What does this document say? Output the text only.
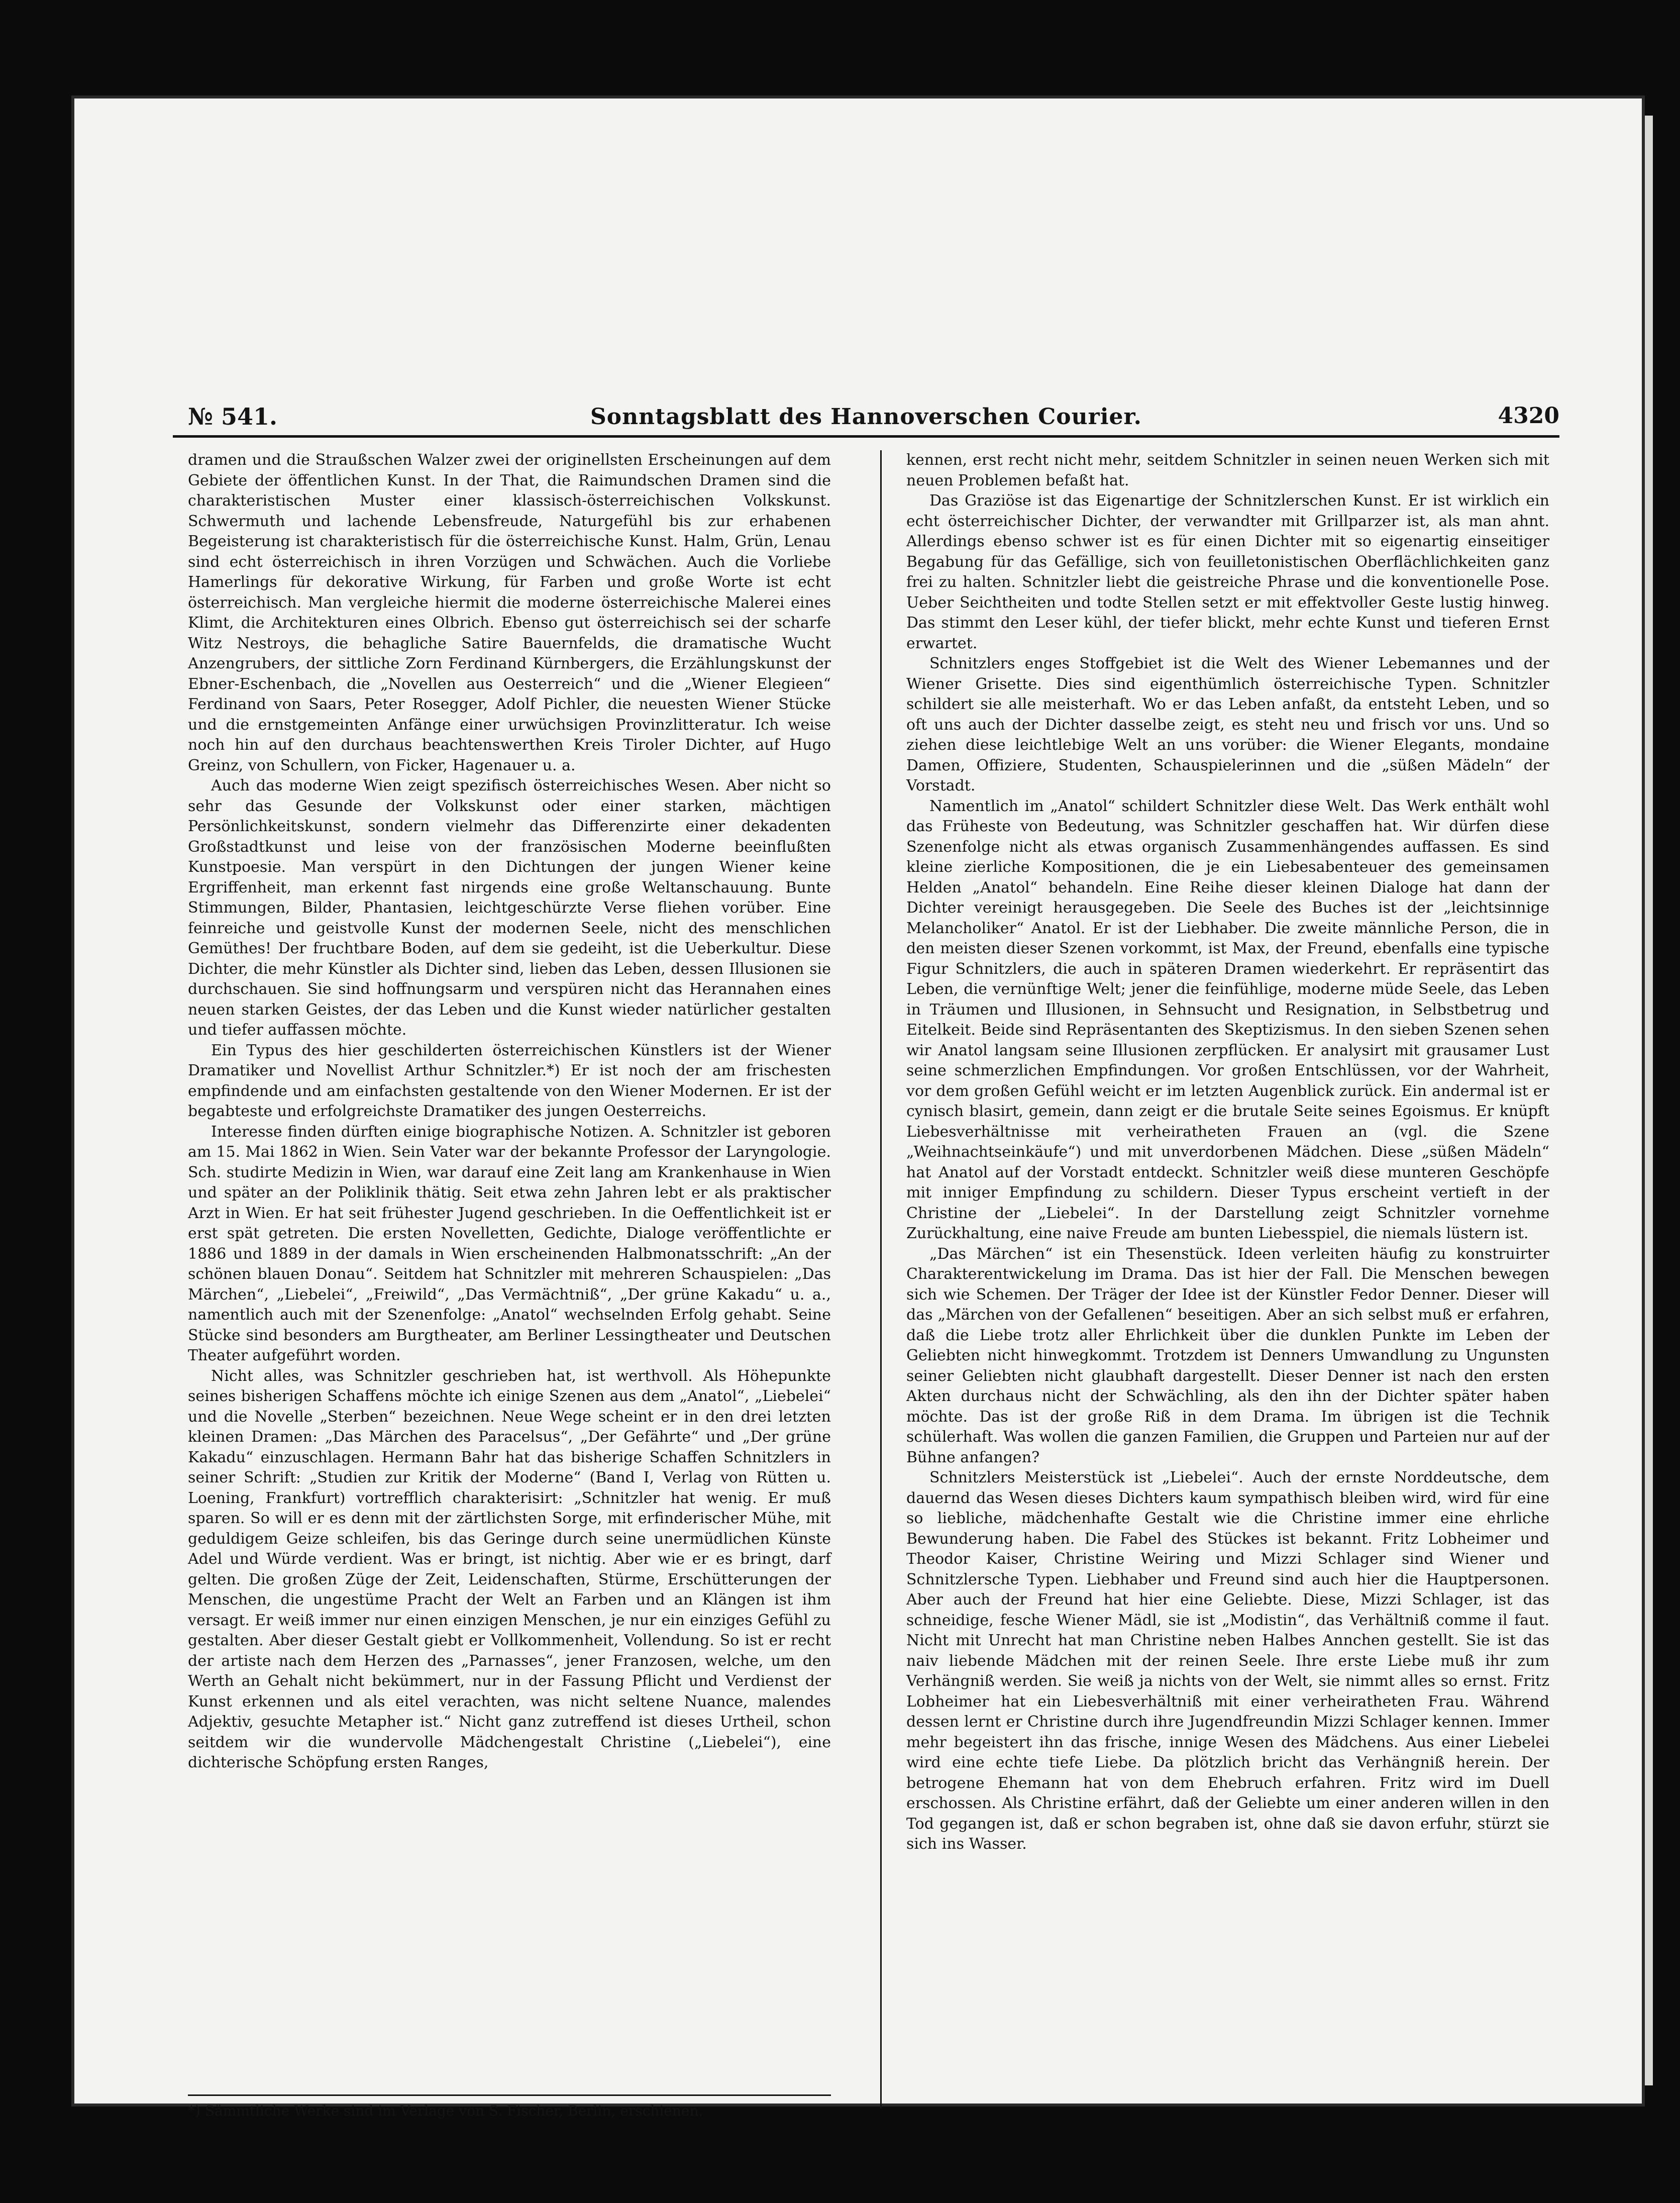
№ 541.	Sonntagsblatt des Hannoverschen Courier.	4320

dramen und die Straußschen Walzer zwei der originellsten Erscheinungen auf dem Gebiete der öffentlichen Kunst. In der That, die Raimundschen Dramen sind die charakteristischen Muster einer klassisch-österreichischen Volkskunst. Schwermuth und lachende Lebensfreude, Naturgefühl bis zur erhabenen Begeisterung ist charakteristisch für die österreichische Kunst. Halm, Grün, Lenau sind echt österreichisch in ihren Vorzügen und Schwächen. Auch die Vorliebe Hamerlings für dekorative Wirkung, für Farben und große Worte ist echt österreichisch. Man vergleiche hiermit die moderne österreichische Malerei eines Klimt, die Architekturen eines Olbrich. Ebenso gut österreichisch sei der scharfe Witz Nestroys, die behagliche Satire Bauernfelds, die dramatische Wucht Anzengrubers, der sittliche Zorn Ferdinand Kürnbergers, die Erzählungskunst der Ebner-Eschenbach, die „Novellen aus Oesterreich“ und die „Wiener Elegieen“ Ferdinand von Saars, Peter Rosegger, Adolf Pichler, die neuesten Wiener Stücke und die ernstgemeinten Anfänge einer urwüchsigen Provinzlitteratur. Ich weise noch hin auf den durchaus beachtenswerthen Kreis Tiroler Dichter, auf Hugo Greinz, von Schullern, von Ficker, Hagenauer u. a.

Auch das moderne Wien zeigt spezifisch österreichisches Wesen. Aber nicht so sehr das Gesunde der Volkskunst oder einer starken, mächtigen Persönlichkeitskunst, sondern vielmehr das Differenzirte einer dekadenten Großstadtkunst und leise von der französischen Moderne beeinflußten Kunstpoesie. Man verspürt in den Dichtungen der jungen Wiener keine Ergriffenheit, man erkennt fast nirgends eine große Weltanschauung. Bunte Stimmungen, Bilder, Phantasien, leichtgeschürzte Verse fliehen vorüber. Eine feinreiche und geistvolle Kunst der modernen Seele, nicht des menschlichen Gemüthes! Der fruchtbare Boden, auf dem sie gedeiht, ist die Ueberkultur. Diese Dichter, die mehr Künstler als Dichter sind, lieben das Leben, dessen Illusionen sie durchschauen. Sie sind hoffnungsarm und verspüren nicht das Herannahen eines neuen starken Geistes, der das Leben und die Kunst wieder natürlicher gestalten und tiefer auffassen möchte.

Ein Typus des hier geschilderten österreichischen Künstlers ist der Wiener Dramatiker und Novellist Arthur Schnitzler.*) Er ist noch der am frischesten empfindende und am einfachsten gestaltende von den Wiener Modernen. Er ist der begabteste und erfolgreichste Dramatiker des jungen Oesterreichs.

Interesse finden dürften einige biographische Notizen. A. Schnitzler ist geboren am 15. Mai 1862 in Wien. Sein Vater war der bekannte Professor der Laryngologie. Sch. studirte Medizin in Wien, war darauf eine Zeit lang am Krankenhause in Wien und später an der Poliklinik thätig. Seit etwa zehn Jahren lebt er als praktischer Arzt in Wien. Er hat seit frühester Jugend geschrieben. In die Oeffentlichkeit ist er erst spät getreten. Die ersten Novelletten, Gedichte, Dialoge veröffentlichte er 1886 und 1889 in der damals in Wien erscheinenden Halbmonatsschrift: „An der schönen blauen Donau“. Seitdem hat Schnitzler mit mehreren Schauspielen: „Das Märchen“, „Liebelei“, „Freiwild“, „Das Vermächtniß“, „Der grüne Kakadu“ u. a., namentlich auch mit der Szenenfolge: „Anatol“ wechselnden Erfolg gehabt. Seine Stücke sind besonders am Burgtheater, am Berliner Lessingtheater und Deutschen Theater aufgeführt worden.

Nicht alles, was Schnitzler geschrieben hat, ist werthvoll. Als Höhepunkte seines bisherigen Schaffens möchte ich einige Szenen aus dem „Anatol“, „Liebelei“ und die Novelle „Sterben“ bezeichnen. Neue Wege scheint er in den drei letzten kleinen Dramen: „Das Märchen des Paracelsus“, „Der Gefährte“ und „Der grüne Kakadu“ einzuschlagen. Hermann Bahr hat das bisherige Schaffen Schnitzlers in seiner Schrift: „Studien zur Kritik der Moderne“ (Band I, Verlag von Rütten u. Loening, Frankfurt) vortrefflich charakterisirt: „Schnitzler hat wenig. Er muß sparen. So will er es denn mit der zärtlichsten Sorge, mit erfinderischer Mühe, mit geduldigem Geize schleifen, bis das Geringe durch seine unermüdlichen Künste Adel und Würde verdient. Was er bringt, ist nichtig. Aber wie er es bringt, darf gelten. Die großen Züge der Zeit, Leidenschaften, Stürme, Erschütterungen der Menschen, die ungestüme Pracht der Welt an Farben und an Klängen ist ihm versagt. Er weiß immer nur einen einzigen Menschen, je nur ein einziges Gefühl zu gestalten. Aber dieser Gestalt giebt er Vollkommenheit, Vollendung. So ist er recht der artiste nach dem Herzen des „Parnasses“, jener Franzosen, welche, um den Werth an Gehalt nicht bekümmert, nur in der Fassung Pflicht und Verdienst der Kunst erkennen und als eitel verachten, was nicht seltene Nuance, malendes Adjektiv, gesuchte Metapher ist.“ Nicht ganz zutreffend ist dieses Urtheil, schon seitdem wir die wundervolle Mädchengestalt Christine („Liebelei“), eine dichterische Schöpfung ersten Ranges,

kennen, erst recht nicht mehr, seitdem Schnitzler in seinen neuen Werken sich mit neuen Problemen befaßt hat.

Das Graziöse ist das Eigenartige der Schnitzlerschen Kunst. Er ist wirklich ein echt österreichischer Dichter, der verwandter mit Grillparzer ist, als man ahnt. Allerdings ebenso schwer ist es für einen Dichter mit so eigenartig einseitiger Begabung für das Gefällige, sich von feuilletonistischen Oberflächlichkeiten ganz frei zu halten. Schnitzler liebt die geistreiche Phrase und die konventionelle Pose. Ueber Seichtheiten und todte Stellen setzt er mit effektvoller Geste lustig hinweg. Das stimmt den Leser kühl, der tiefer blickt, mehr echte Kunst und tieferen Ernst erwartet.

Schnitzlers enges Stoffgebiet ist die Welt des Wiener Lebemannes und der Wiener Grisette. Dies sind eigenthümlich österreichische Typen. Schnitzler schildert sie alle meisterhaft. Wo er das Leben anfaßt, da entsteht Leben, und so oft uns auch der Dichter dasselbe zeigt, es steht neu und frisch vor uns. Und so ziehen diese leichtlebige Welt an uns vorüber: die Wiener Elegants, mondaine Damen, Offiziere, Studenten, Schauspielerinnen und die „süßen Mädeln“ der Vorstadt.

Namentlich im „Anatol“ schildert Schnitzler diese Welt. Das Werk enthält wohl das Früheste von Bedeutung, was Schnitzler geschaffen hat. Wir dürfen diese Szenenfolge nicht als etwas organisch Zusammenhängendes auffassen. Es sind kleine zierliche Kompositionen, die je ein Liebesabenteuer des gemeinsamen Helden „Anatol“ behandeln. Eine Reihe dieser kleinen Dialoge hat dann der Dichter vereinigt herausgegeben. Die Seele des Buches ist der „leichtsinnige Melancholiker“ Anatol. Er ist der Liebhaber. Die zweite männliche Person, die in den meisten dieser Szenen vorkommt, ist Max, der Freund, ebenfalls eine typische Figur Schnitzlers, die auch in späteren Dramen wiederkehrt. Er repräsentirt das Leben, die vernünftige Welt; jener die feinfühlige, moderne müde Seele, das Leben in Träumen und Illusionen, in Sehnsucht und Resignation, in Selbstbetrug und Eitelkeit. Beide sind Repräsentanten des Skeptizismus. In den sieben Szenen sehen wir Anatol langsam seine Illusionen zerpflücken. Er analysirt mit grausamer Lust seine schmerzlichen Empfindungen. Vor großen Entschlüssen, vor der Wahrheit, vor dem großen Gefühl weicht er im letzten Augenblick zurück. Ein andermal ist er cynisch blasirt, gemein, dann zeigt er die brutale Seite seines Egoismus. Er knüpft Liebesverhältnisse mit verheiratheten Frauen an (vgl. die Szene „Weihnachtseinkäufe“) und mit unverdorbenen Mädchen. Diese „süßen Mädeln“ hat Anatol auf der Vorstadt entdeckt. Schnitzler weiß diese munteren Geschöpfe mit inniger Empfindung zu schildern. Dieser Typus erscheint vertieft in der Christine der „Liebelei“. In der Darstellung zeigt Schnitzler vornehme Zurückhaltung, eine naive Freude am bunten Liebesspiel, die niemals lüstern ist.

„Das Märchen“ ist ein Thesenstück. Ideen verleiten häufig zu konstruirter Charakterentwickelung im Drama. Das ist hier der Fall. Die Menschen bewegen sich wie Schemen. Der Träger der Idee ist der Künstler Fedor Denner. Dieser will das „Märchen von der Gefallenen“ beseitigen. Aber an sich selbst muß er erfahren, daß die Liebe trotz aller Ehrlichkeit über die dunklen Punkte im Leben der Geliebten nicht hinwegkommt. Trotzdem ist Denners Umwandlung zu Ungunsten seiner Geliebten nicht glaubhaft dargestellt. Dieser Denner ist nach den ersten Akten durchaus nicht der Schwächling, als den ihn der Dichter später haben möchte. Das ist der große Riß in dem Drama. Im übrigen ist die Technik schülerhaft. Was wollen die ganzen Familien, die Gruppen und Parteien nur auf der Bühne anfangen?

Schnitzlers Meisterstück ist „Liebelei“. Auch der ernste Norddeutsche, dem dauernd das Wesen dieses Dichters kaum sympathisch bleiben wird, wird für eine so liebliche, mädchenhafte Gestalt wie die Christine immer eine ehrliche Bewunderung haben. Die Fabel des Stückes ist bekannt. Fritz Lobheimer und Theodor Kaiser, Christine Weiring und Mizzi Schlager sind Wiener und Schnitzlersche Typen. Liebhaber und Freund sind auch hier die Hauptpersonen. Aber auch der Freund hat hier eine Geliebte. Diese, Mizzi Schlager, ist das schneidige, fesche Wiener Mädl, sie ist „Modistin“, das Verhältniß comme il faut. Nicht mit Unrecht hat man Christine neben Halbes Annchen gestellt. Sie ist das naiv liebende Mädchen mit der reinen Seele. Ihre erste Liebe muß ihr zum Verhängniß werden. Sie weiß ja nichts von der Welt, sie nimmt alles so ernst. Fritz Lobheimer hat ein Liebesverhältniß mit einer verheiratheten Frau. Während dessen lernt er Christine durch ihre Jugendfreundin Mizzi Schlager kennen. Immer mehr begeistert ihn das frische, innige Wesen des Mädchens. Aus einer Liebelei wird eine echte tiefe Liebe. Da plötzlich bricht das Verhängniß herein. Der betrogene Ehemann hat von dem Ehebruch erfahren. Fritz wird im Duell erschossen. Als Christine erfährt, daß der Geliebte um einer anderen willen in den Tod gegangen ist, daß er schon begraben ist, ohne daß sie davon erfuhr, stürzt sie sich ins Wasser.

*) Sämmtliche Werke sind im Verlage von S. Fischer, Berlin, erschienen.
